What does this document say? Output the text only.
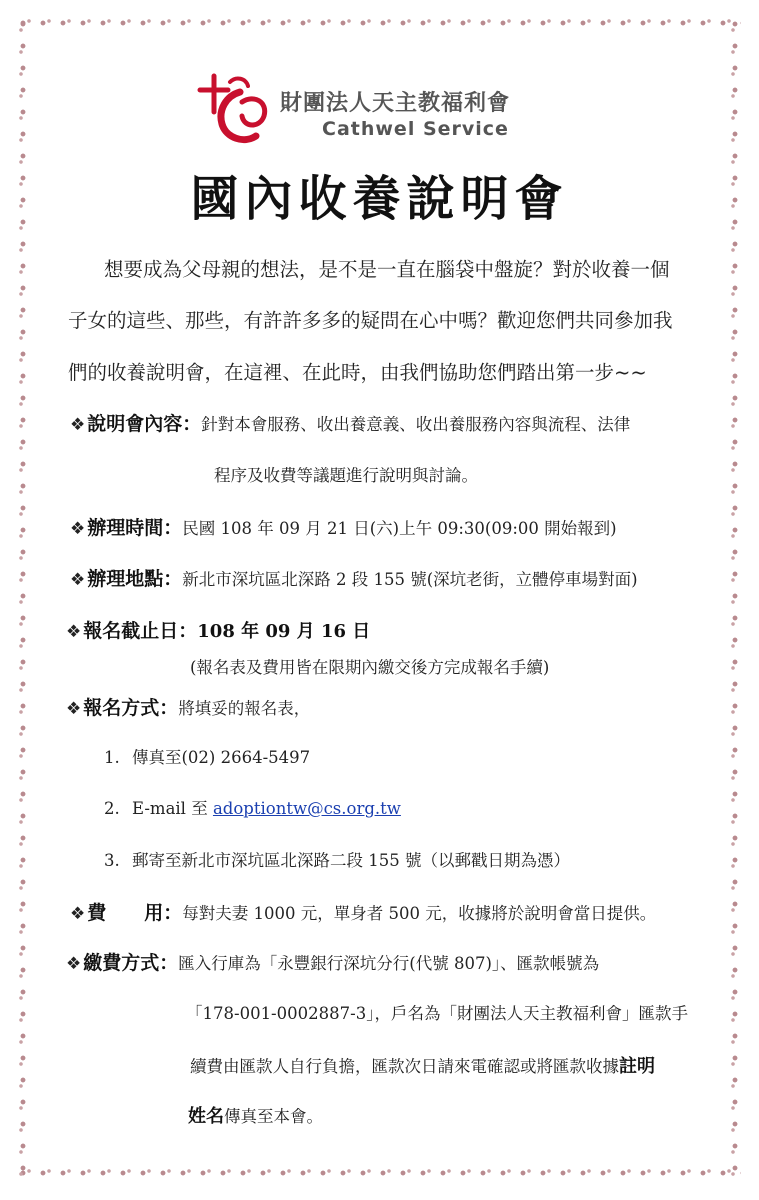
財團法人天主教福利會
Cathwel Service
國內收養說明會
想要成為父母親的想法，是不是一直在腦袋中盤旋？對於收養一個
子女的這些、那些，有許許多多的疑問在心中嗎？歡迎您們共同參加我
們的收養說明會，在這裡、在此時，由我們協助您們踏出第一步~~
❖ 說明會內容：針對本會服務、收出養意義、收出養服務內容與流程、法律
程序及收費等議題進行說明與討論。
❖ 辦理時間：民國 108 年 09 月 21 日(六)上午 09:30(09:00 開始報到)
❖ 辦理地點：新北市深坑區北深路 2 段 155 號(深坑老街，立體停車場對面)
❖ 報名截止日：108 年 09 月 16 日
(報名表及費用皆在限期內繳交後方完成報名手續)
❖ 報名方式：將填妥的報名表，
1. 傳真至(02) 2664-5497
2. E-mail 至 adoptiontw@cs.org.tw
3. 郵寄至新北市深坑區北深路二段 155 號（以郵戳日期為憑）
❖ 費　　用：每對夫妻 1000 元，單身者 500 元，收據將於說明會當日提供。
❖ 繳費方式：匯入行庫為「永豐銀行深坑分行(代號 807)」、匯款帳號為
「178-001-0002887-3」，戶名為「財團法人天主教福利會」匯款手
續費由匯款人自行負擔，匯款次日請來電確認或將匯款收據註明
姓名傳真至本會。
